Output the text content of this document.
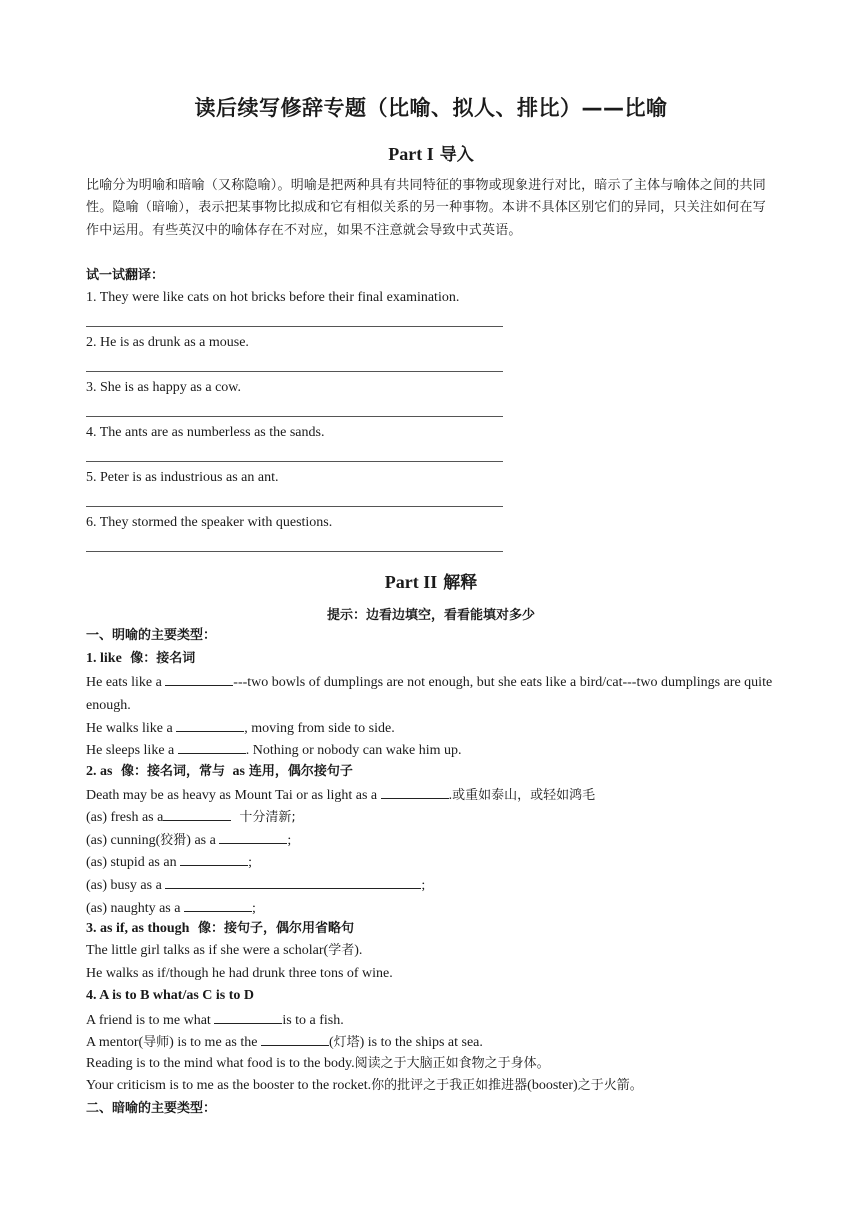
读后续写修辞专题（比喻、拟人、排比）——比喻
Part I 导入
比喻分为明喻和暗喻（又称隐喻）。明喻是把两种具有共同特征的事物或现象进行对比，暗示了主体与喻体之间的共同性。隐喻（暗喻），表示把某事物比拟成和它有相似关系的另一种事物。本讲不具体区别它们的异同，只关注如何在写作中运用。有些英汉中的喻体存在不对应，如果不注意就会导致中式英语。
试一试翻译：
1. They were like cats on hot bricks before their final examination.
2. He is as drunk as a mouse.
3. She is as happy as a cow.
4. The ants are as numberless as the sands.
5. Peter is as industrious as an ant.
6. They stormed the speaker with questions.
Part II 解释
提示：边看边填空，看看能填对多少
一、明喻的主要类型：
1. like 像：接名词
He eats like a	---two bowls of dumplings are not enough, but she eats like a bird/cat---two dumplings are quite enough.
He walks like a	, moving from side to side.
He sleeps like a	. Nothing or nobody can wake him up.
2. as 像：接名词，常与 as 连用，偶尔接句子
Death may be as heavy as Mount Tai or as light as a	.或重如泰山，或轻如鸿毛
(as) fresh as a	十分清新;
(as) cunning(狡猾) as a	;
(as) stupid as an	;
(as) busy as a	;
(as) naughty as a	;
3. as if, as though 像：接句子，偶尔用省略句
The little girl talks as if she were a scholar(学者).
He walks as if/though he had drunk three tons of wine.
4. A is to B what/as C is to D
A friend is to me what	is to a fish.
A mentor(导师) is to me as the	(灯塔) is to the ships at sea.
Reading is to the mind what food is to the body.阅读之于大脑正如食物之于身体。
Your criticism is to me as the booster to the rocket.你的批评之于我正如推进器(booster)之于火箭。
二、暗喻的主要类型：
